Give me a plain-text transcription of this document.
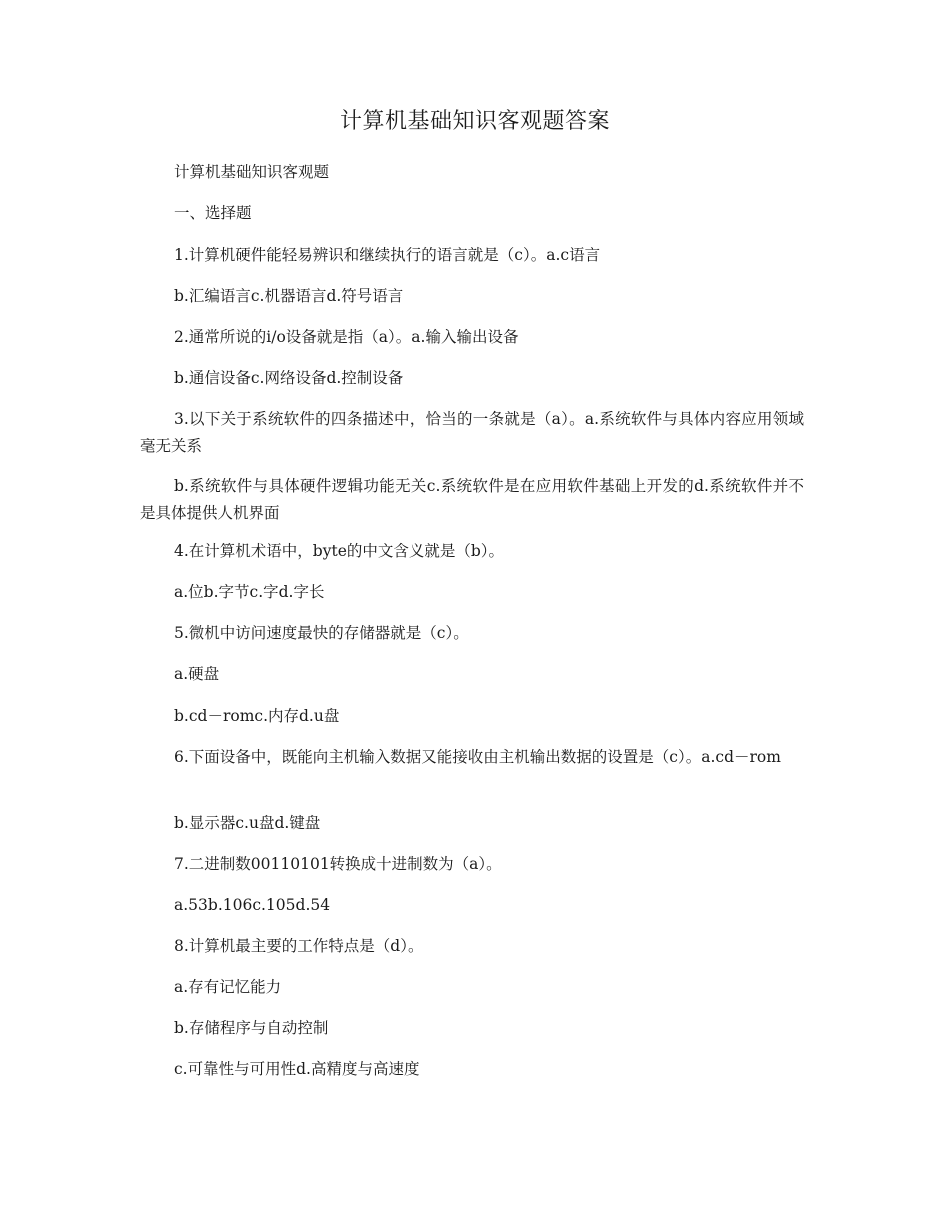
计算机基础知识客观题答案
计算机基础知识客观题
一、选择题
1.计算机硬件能轻易辨识和继续执行的语言就是（c）。a.c语言
b.汇编语言c.机器语言d.符号语言
2.通常所说的i/o设备就是指（a）。a.输入输出设备
b.通信设备c.网络设备d.控制设备
3.以下关于系统软件的四条描述中，恰当的一条就是（a）。a.系统软件与具体内容应用领域毫无关系
b.系统软件与具体硬件逻辑功能无关c.系统软件是在应用软件基础上开发的d.系统软件并不是具体提供人机界面
4.在计算机术语中，byte的中文含义就是（b）。
a.位b.字节c.字d.字长
5.微机中访问速度最快的存储器就是（c）。
a.硬盘
b.cd－romc.内存d.u盘
6.下面设备中，既能向主机输入数据又能接收由主机输出数据的设置是（c）。a.cd－rom
b.显示器c.u盘d.键盘
7.二进制数00110101转换成十进制数为（a）。
a.53b.106c.105d.54
8.计算机最主要的工作特点是（d）。
a.存有记忆能力
b.存储程序与自动控制
c.可靠性与可用性d.高精度与高速度
